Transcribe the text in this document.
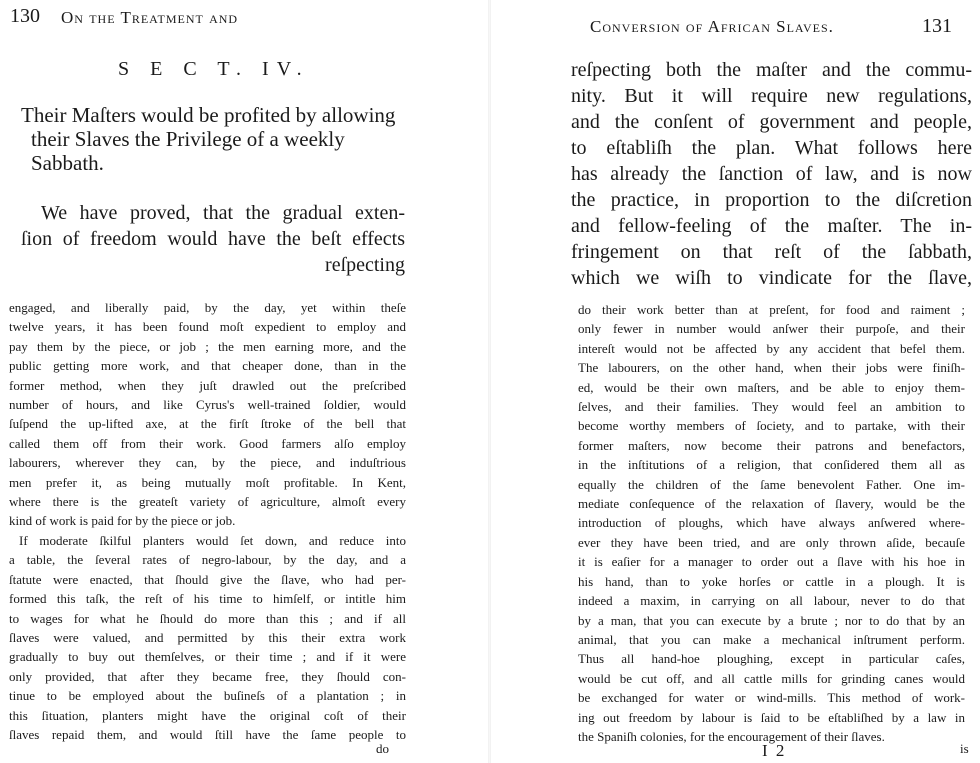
130 On the Treatment and
S E C T. IV.
Their Maſters would be profited by allowing
their Slaves the Privilege of a weekly
Sabbath.
We have proved, that the gradual exten-
ſion of freedom would have the beſt effects
reſpecting
engaged, and liberally paid, by the day, yet within theſe
twelve years, it has been found moſt expedient to employ and
pay them by the piece, or job ; the men earning more, and the
public getting more work, and that cheaper done, than in the
former method, when they juſt drawled out the preſcribed
number of hours, and like Cyrus's well-trained ſoldier, would
ſuſpend the up-lifted axe, at the firſt ſtroke of the bell that
called them off from their work. Good farmers alſo employ
labourers, wherever they can, by the piece, and induſtrious
men prefer it, as being mutually moſt profitable. In Kent,
where there is the greateſt variety of agriculture, almoſt every
kind of work is paid for by the piece or job.
If moderate ſkilful planters would ſet down, and reduce into
a table, the ſeveral rates of negro-labour, by the day, and a
ſtatute were enacted, that ſhould give the ſlave, who had per-
formed this taſk, the reſt of his time to himſelf, or intitle him
to wages for what he ſhould do more than this ; and if all
ſlaves were valued, and permitted by this their extra work
gradually to buy out themſelves, or their time ; and if it were
only provided, that after they became free, they ſhould con-
tinue to be employed about the buſineſs of a plantation ; in
this ſituation, planters might have the original coſt of their
ſlaves repaid them, and would ſtill have the ſame people to
do
Conversion of African Slaves.	131
reſpecting both the maſter and the commu-
nity. But it will require new regulations,
and the conſent of government and people,
to eſtabliſh the plan. What follows here
has already the ſanction of law, and is now
the practice, in proportion to the diſcretion
and fellow-feeling of the maſter. The in-
fringement on that reſt of the ſabbath,
which we wiſh to vindicate for the ſlave,
do their work better than at preſent, for food and raiment ;
only fewer in number would anſwer their purpoſe, and their
intereſt would not be affected by any accident that befel them.
The labourers, on the other hand, when their jobs were finiſh-
ed, would be their own maſters, and be able to enjoy them-
ſelves, and their families. They would feel an ambition to
become worthy members of ſociety, and to partake, with their
former maſters, now become their patrons and benefactors,
in the inſtitutions of a religion, that conſidered them all as
equally the children of the ſame benevolent Father. One im-
mediate conſequence of the relaxation of ſlavery, would be the
introduction of ploughs, which have always anſwered where-
ever they have been tried, and are only thrown aſide, becauſe
it is eaſier for a manager to order out a ſlave with his hoe in
his hand, than to yoke horſes or cattle in a plough. It is
indeed a maxim, in carrying on all labour, never to do that
by a man, that you can execute by a brute ; nor to do that by an
animal, that you can make a mechanical inſtrument perform.
Thus all hand-hoe ploughing, except in particular caſes,
would be cut off, and all cattle mills for grinding canes would
be exchanged for water or wind-mills. This method of work-
ing out freedom by labour is ſaid to be eſtabliſhed by a law in
the Spaniſh colonies, for the encouragement of their ſlaves.
I 2	is
